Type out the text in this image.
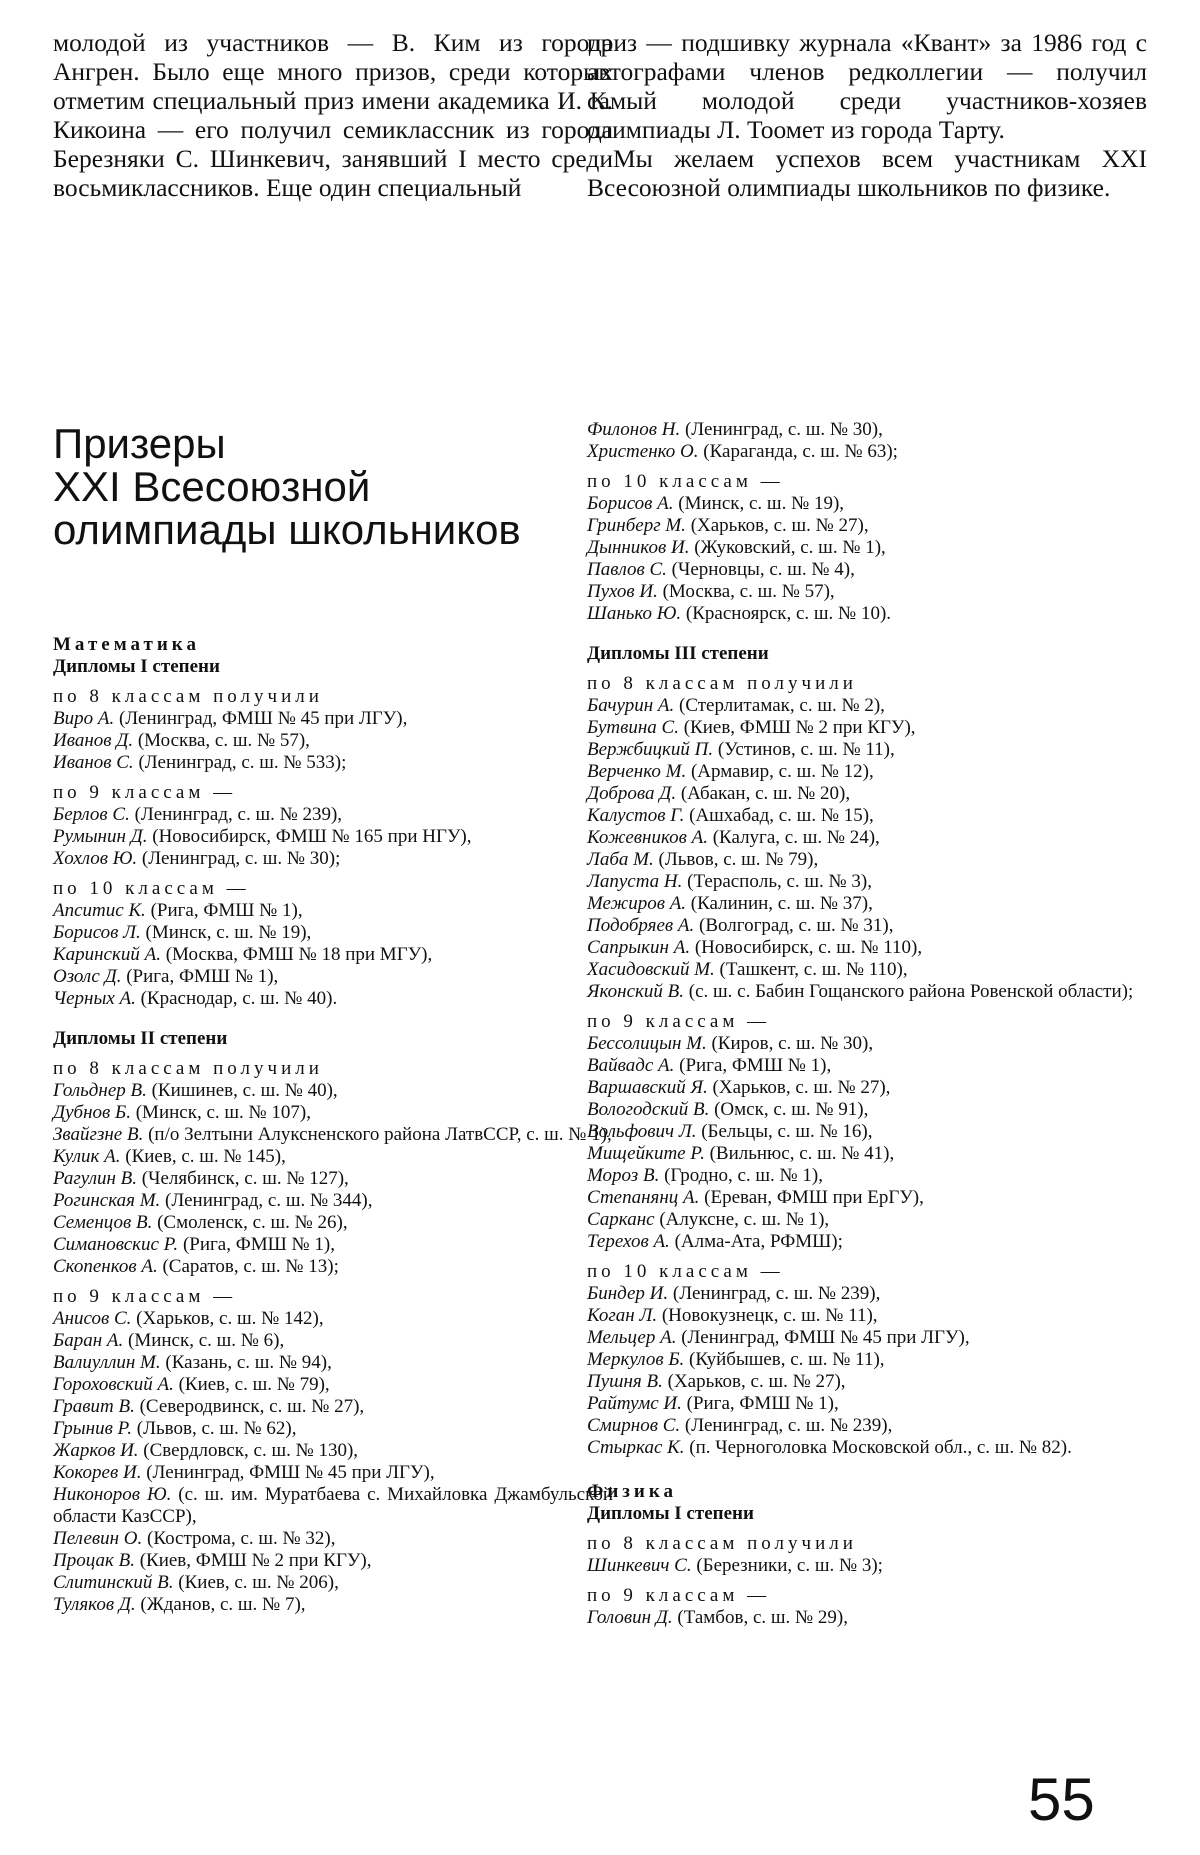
молодой из участников — В. Ким из города Ангрен. Было еще много призов, среди которых отметим специальный приз имени академика И. К. Кикоина — его получил семиклассник из города Березняки С. Шинкевич, занявший I место среди восьмиклассников. Еще один специальный

приз — подшивку журнала «Квант» за 1986 год с автографами членов редколлегии — получил самый молодой среди участников-хозяев олимпиады Л. Тоомет из города Тарту.

Мы желаем успехов всем участникам XXI Всесоюзной олимпиады школьников по физике.

Призеры
XXI Всесоюзной
олимпиады школьников
Математика
Дипломы I степени
по 8 классам получили
Виро А. (Ленинград, ФМШ № 45 при ЛГУ),
Иванов Д. (Москва, с. ш. № 57),
Иванов С. (Ленинград, с. ш. № 533);
по 9 классам —
Берлов С. (Ленинград, с. ш. № 239),
Румынин Д. (Новосибирск, ФМШ № 165 при НГУ),
Хохлов Ю. (Ленинград, с. ш. № 30);
по 10 классам —
Апситис К. (Рига, ФМШ № 1),
Борисов Л. (Минск, с. ш. № 19),
Каринский А. (Москва, ФМШ № 18 при МГУ),
Озолс Д. (Рига, ФМШ № 1),
Черных А. (Краснодар, с. ш. № 40).
Дипломы II степени
по 8 классам получили
Гольднер В. (Кишинев, с. ш. № 40),
Дубнов Б. (Минск, с. ш. № 107),
Звайгзне В. (п/о Зелтыни Алуксненского района ЛатвССР, с. ш. № 1),
Кулик А. (Киев, с. ш. № 145),
Рагулин В. (Челябинск, с. ш. № 127),
Рогинская М. (Ленинград, с. ш. № 344),
Семенцов В. (Смоленск, с. ш. № 26),
Симановскис Р. (Рига, ФМШ № 1),
Скопенков А. (Саратов, с. ш. № 13);
по 9 классам —
Анисов С. (Харьков, с. ш. № 142),
Баран А. (Минск, с. ш. № 6),
Валиуллин М. (Казань, с. ш. № 94),
Гороховский А. (Киев, с. ш. № 79),
Гравит В. (Северодвинск, с. ш. № 27),
Грынив Р. (Львов, с. ш. № 62),
Жарков И. (Свердловск, с. ш. № 130),
Кокорев И. (Ленинград, ФМШ № 45 при ЛГУ),
Никоноров Ю. (с. ш. им. Муратбаева с. Михайловка Джамбульской области КазССР),
Пелевин О. (Кострома, с. ш. № 32),
Процак В. (Киев, ФМШ № 2 при КГУ),
Слитинский В. (Киев, с. ш. № 206),
Туляков Д. (Жданов, с. ш. № 7),
Филонов Н. (Ленинград, с. ш. № 30),
Христенко О. (Караганда, с. ш. № 63);
по 10 классам —
Борисов А. (Минск, с. ш. № 19),
Гринберг М. (Харьков, с. ш. № 27),
Дынников И. (Жуковский, с. ш. № 1),
Павлов С. (Черновцы, с. ш. № 4),
Пухов И. (Москва, с. ш. № 57),
Шанько Ю. (Красноярск, с. ш. № 10).
Дипломы III степени
по 8 классам получили
Бачурин А. (Стерлитамак, с. ш. № 2),
Бутвина С. (Киев, ФМШ № 2 при КГУ),
Вержбицкий П. (Устинов, с. ш. № 11),
Верченко М. (Армавир, с. ш. № 12),
Доброва Д. (Абакан, с. ш. № 20),
Калустов Г. (Ашхабад, с. ш. № 15),
Кожевников А. (Калуга, с. ш. № 24),
Лаба М. (Львов, с. ш. № 79),
Лапуста Н. (Тераспoль, с. ш. № 3),
Межиров А. (Калинин, с. ш. № 37),
Подобряев А. (Волгоград, с. ш. № 31),
Сапрыкин А. (Новосибирск, с. ш. № 110),
Хасидовский М. (Ташкент, с. ш. № 110),
Яконский В. (с. ш. с. Бабин Гощанского района Ровенской области);
по 9 классам —
Бессолицын М. (Киров, с. ш. № 30),
Вайвадс А. (Рига, ФМШ № 1),
Варшавский Я. (Харьков, с. ш. № 27),
Вологодский В. (Омск, с. ш. № 91),
Вольфович Л. (Бельцы, с. ш. № 16),
Мищейките Р. (Вильнюс, с. ш. № 41),
Мороз В. (Гродно, с. ш. № 1),
Степанянц А. (Ереван, ФМШ при ЕрГУ),
Сарканс (Алуксне, с. ш. № 1),
Терехов А. (Алма-Ата, РФМШ);
по 10 классам —
Биндер И. (Ленинград, с. ш. № 239),
Коган Л. (Новокузнецк, с. ш. № 11),
Мельцер А. (Ленинград, ФМШ № 45 при ЛГУ),
Меркулов Б. (Куйбышев, с. ш. № 11),
Пушня В. (Харьков, с. ш. № 27),
Райтумс И. (Рига, ФМШ № 1),
Смирнов С. (Ленинград, с. ш. № 239),
Стыркас К. (п. Черноголовка Московской обл., с. ш. № 82).
Физика
Дипломы I степени
по 8 классам получили
Шинкевич С. (Березники, с. ш. № 3);
по 9 классам —
Головин Д. (Тамбов, с. ш. № 29),
55
